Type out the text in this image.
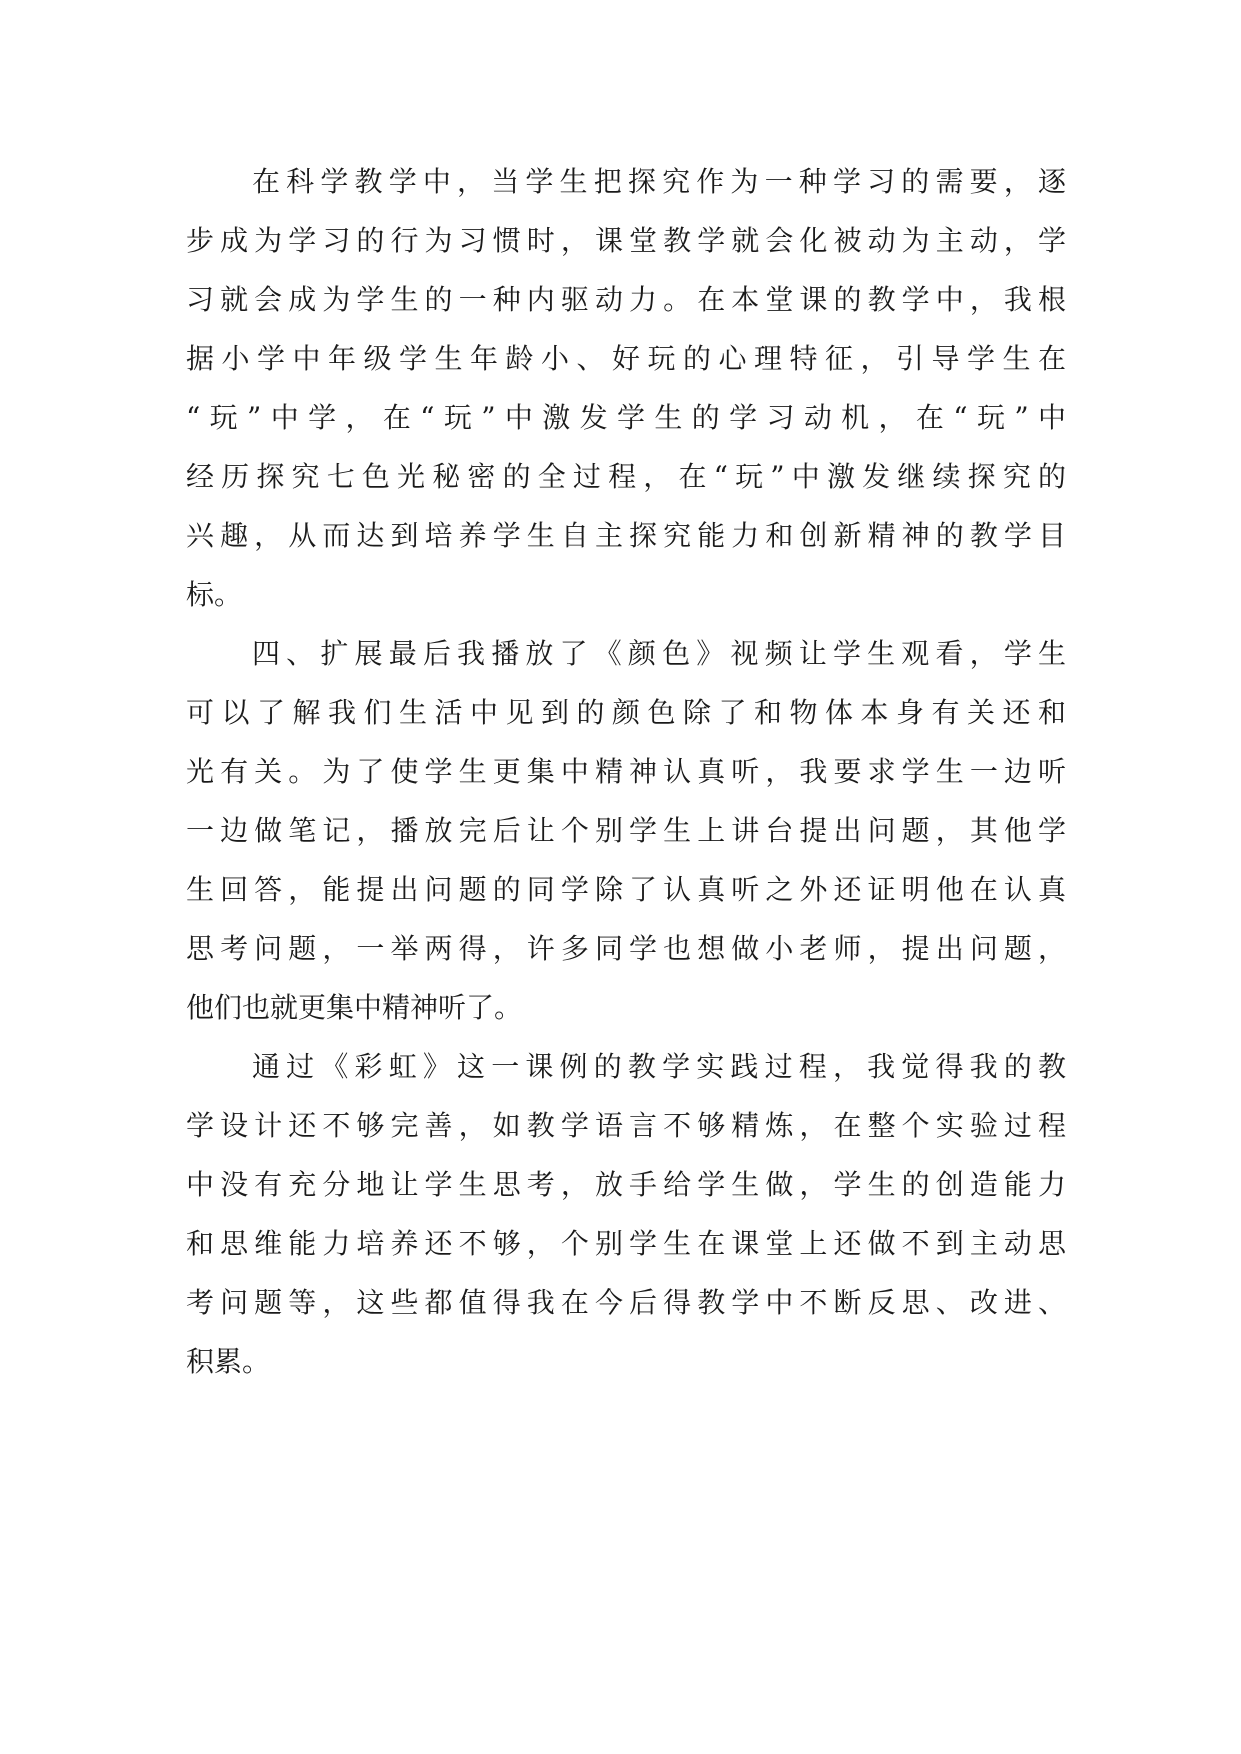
在科学教学中，当学生把探究作为一种学习的需要，逐
步成为学习的行为习惯时，课堂教学就会化被动为主动，学
习就会成为学生的一种内驱动力。在本堂课的教学中，我根
据小学中年级学生年龄小、好玩的心理特征，引导学生在
“玩”中学，在“玩”中激发学生的学习动机，在“玩”中
经历探究七色光秘密的全过程，在“玩”中激发继续探究的
兴趣，从而达到培养学生自主探究能力和创新精神的教学目
标。
四、扩展最后我播放了《颜色》视频让学生观看，学生
可以了解我们生活中见到的颜色除了和物体本身有关还和
光有关。为了使学生更集中精神认真听，我要求学生一边听
一边做笔记，播放完后让个别学生上讲台提出问题，其他学
生回答，能提出问题的同学除了认真听之外还证明他在认真
思考问题，一举两得，许多同学也想做小老师，提出问题，
他们也就更集中精神听了。
通过《彩虹》这一课例的教学实践过程，我觉得我的教
学设计还不够完善，如教学语言不够精炼，在整个实验过程
中没有充分地让学生思考，放手给学生做，学生的创造能力
和思维能力培养还不够，个别学生在课堂上还做不到主动思
考问题等，这些都值得我在今后得教学中不断反思、改进、
积累。
